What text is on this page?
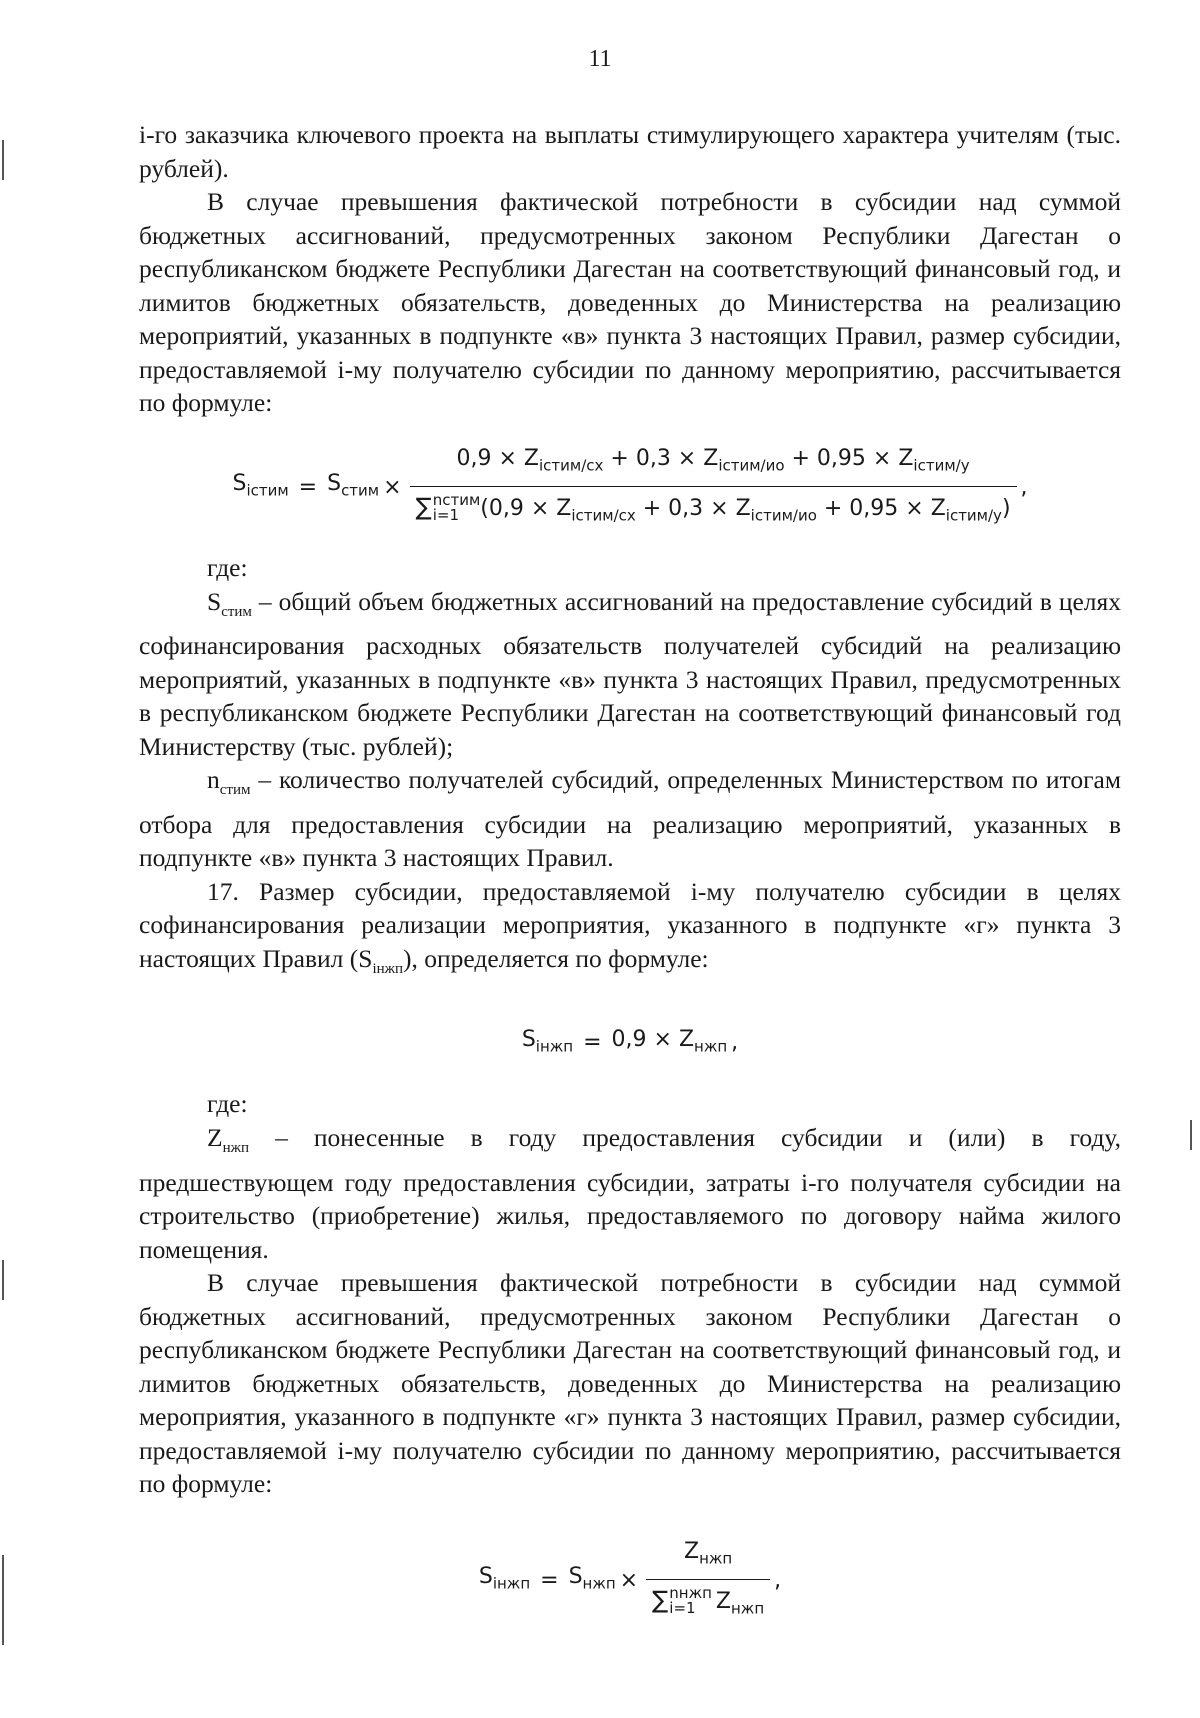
11

i-го заказчика ключевого проекта на выплаты стимулирующего характера учителям (тыс. рублей).

В случае превышения фактической потребности в субсидии над суммой бюджетных ассигнований, предусмотренных законом Республики Дагестан о республиканском бюджете Республики Дагестан на соответствующий финансовый год, и лимитов бюджетных обязательств, доведенных до Министерства на реализацию мероприятий, указанных в подпункте «в» пункта 3 настоящих Правил, размер субсидии, предоставляемой i-му получателю субсидии по данному мероприятию, рассчитывается по формуле:

$S_{iстим} = S_{стим}$ ×
$0,9 \times Z_{iстим/сх} + 0,3 \times Z_{iстим/ио} + 0,95 \times Z_{iстим/у}$
∑ nстим
i=1 $(0,9 \times Z_{iстим/сх} + 0,3 \times Z_{iстим/ио} + 0,95 \times Z_{iстим/у})$
,

где:

$S_{стим}$ – общий объем бюджетных ассигнований на предоставление субсидий в целях софинансирования расходных обязательств получателей субсидий на реализацию мероприятий, указанных в подпункте «в» пункта 3 настоящих Правил, предусмотренных в республиканском бюджете Республики Дагестан на соответствующий финансовый год Министерству (тыс. рублей);

$n_{стим}$ – количество получателей субсидий, определенных Министерством по итогам отбора для предоставления субсидии на реализацию мероприятий, указанных в подпункте «в» пункта 3 настоящих Правил.

17. Размер субсидии, предоставляемой i-му получателю субсидии в целях софинансирования реализации мероприятия, указанного в подпункте «г» пункта 3 настоящих Правил $(S_{iнжп})$, определяется по формуле:

$S_{iнжп} = 0,9 \times Z_{нжп}$ ,

где:

$Z_{нжп}$ – понесенные в году предоставления субсидии и (или) в году, предшествующем году предоставления субсидии, затраты i-го получателя субсидии на строительство (приобретение) жилья, предоставляемого по договору найма жилого помещения.

В случае превышения фактической потребности в субсидии над суммой бюджетных ассигнований, предусмотренных законом Республики Дагестан о республиканском бюджете Республики Дагестан на соответствующий финансовый год, и лимитов бюджетных обязательств, доведенных до Министерства на реализацию мероприятия, указанного в подпункте «г» пункта 3 настоящих Правил, размер субсидии, предоставляемой i-му получателю субсидии по данному мероприятию, рассчитывается по формуле:

$S_{iнжп} = S_{нжп} \times Z_{нжп}$
∑ nнжп
i=1 $Z_{нжп}$ ,
